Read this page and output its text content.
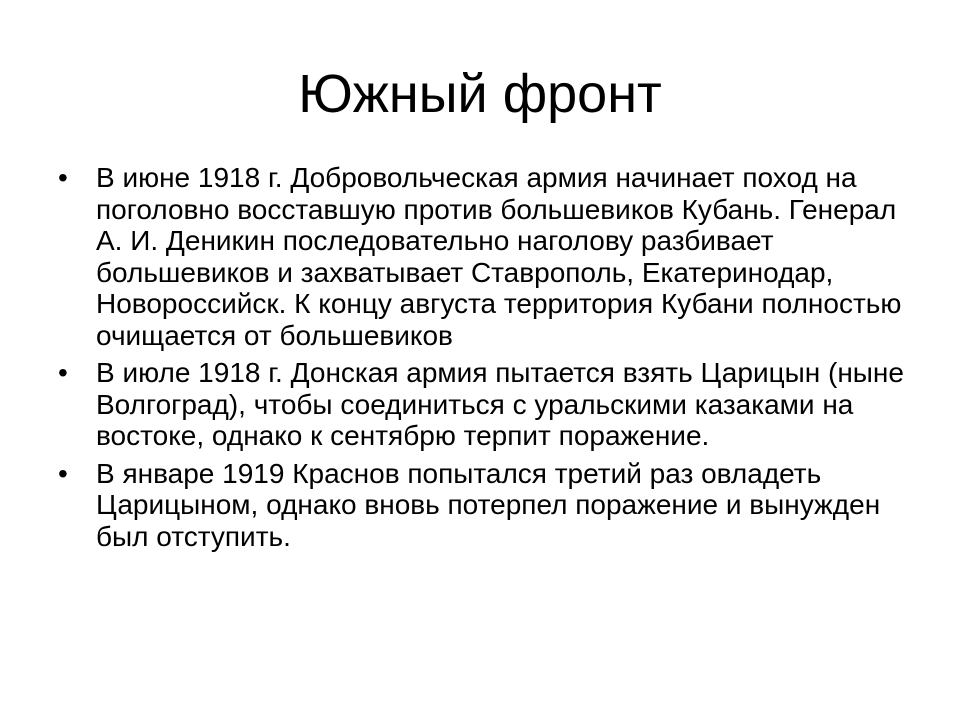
Южный фронт
• В июне 1918 г. Добровольческая армия начинает поход на поголовно восставшую против большевиков Кубань. Генерал А. И. Деникин последовательно наголову разбивает большевиков и захватывает Ставрополь, Екатеринодар, Новороссийск. К концу августа территория Кубани полностью очищается от большевиков
• В июле 1918 г. Донская армия пытается взять Царицын (ныне Волгоград), чтобы соединиться с уральскими казаками на востоке, однако к сентябрю терпит поражение.
• В январе 1919 Краснов попытался третий раз овладеть Царицыном, однако вновь потерпел поражение и вынужден был отступить.
